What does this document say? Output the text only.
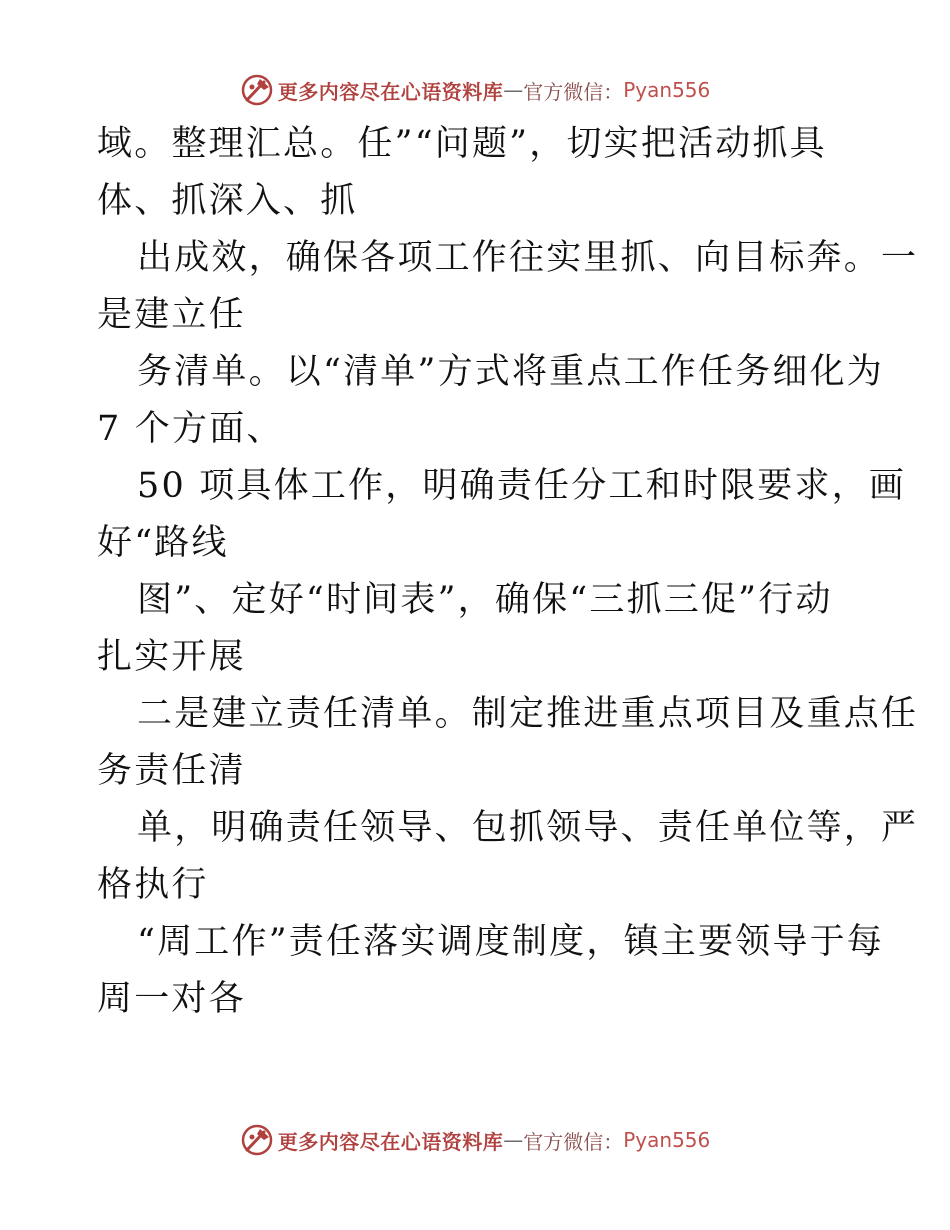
更多内容尽在心语资料库 — 官方微信： Pyan556
域。整理汇总。任”“问题”，切实把活动抓具
体、抓深入、抓
出成效，确保各项工作往实里抓、向目标奔。一
是建立任
务清单。以“清单”方式将重点工作任务细化为
7 个方面、
50 项具体工作，明确责任分工和时限要求，画
好“路线
图”、定好“时间表”，确保“三抓三促”行动
扎实开展
二是建立责任清单。制定推进重点项目及重点任
务责任清
单，明确责任领导、包抓领导、责任单位等，严
格执行
“周工作”责任落实调度制度，镇主要领导于每
周一对各
更多内容尽在心语资料库 — 官方微信： Pyan556
